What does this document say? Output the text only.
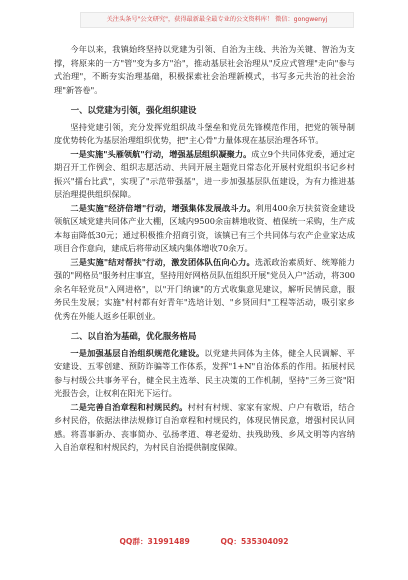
关注头条号"公文研究"，获得最新最全最专业的公文资料库！ 微信：gongwenyj

今年以来，我镇始终坚持以党建为引领、自治为主线、共治为关键、智治为支撑，将原来的一方"管"变为多方"治"，推动基层社会治理从"反应式管理"走向"参与式治理"，不断夯实治理基础，积极探索社会治理新模式，书写多元共治的社会治理"新答卷"。

一、以党建为引领，强化组织建设

坚持党建引领，充分发挥党组织战斗堡垒和党员先锋模范作用，把党的领导制度优势转化为基层治理组织优势，把"主心骨"力量体现在基层治理各环节。

一是实施"头雁领航"行动，增强基层组织凝聚力。成立9个共同体党委，通过定期召开工作例会、组织志愿活动、共同开展主题党日常态化开展村党组织书记乡村振兴"擂台比武"，实现了"示范带强基"，进一步加强基层队伍建设，为有力推进基层治理提供组织保障。

二是实施"经济倍增"行动，增强集体发展战斗力。利用400余万扶贫资金建设领航区域党建共同体产业大棚，区域内9500余亩耕地收资、植保统一采购，生产成本每亩降低30元；通过积极推介招商引资，该镇已有三个共同体与农产企业家达成项目合作意向，建成后将带动区域内集体增收70余万。

三是实施"结对帮扶"行动，激发团体队伍向心力。选派政治素质好、统筹能力强的"网格员"服务村庄事宜，坚持用好网格员队伍组织开展"党员入户"活动，将300余名年轻党员"入网进格"，以"开门纳谏"的方式收集意见建议，解听民情民意，服务民生发展；实施"村村都有好青年"选培计划、"乡贤回归"工程等活动，吸引家乡优秀在外能人返乡任职创业。

二、以自治为基础，优化服务格局

一是加强基层自治组织规范化建设。以党建共同体为主体，健全人民调解、平安建设、五零创建、预防诈骗等工作体系，发挥"1+N"自治体系的作用。拓展村民参与村级公共事务平台，健全民主选举、民主决策的工作机制，坚持"三务三资"阳光报告会，让权利在阳光下运行。

二是完善自治章程和村规民约。村村有村规、家家有家规、户户有敬语，结合乡村民俗，依据法律法规修订自治章程和村规民约，体现民情民意，增强村民认同感。将喜事新办、丧事简办、弘扬孝道、尊老爱幼、扶残助残、乡风文明等内容纳入自治章程和村规民约，为村民自治提供制度保障。

QQ群：31991489	QQ：535304092
